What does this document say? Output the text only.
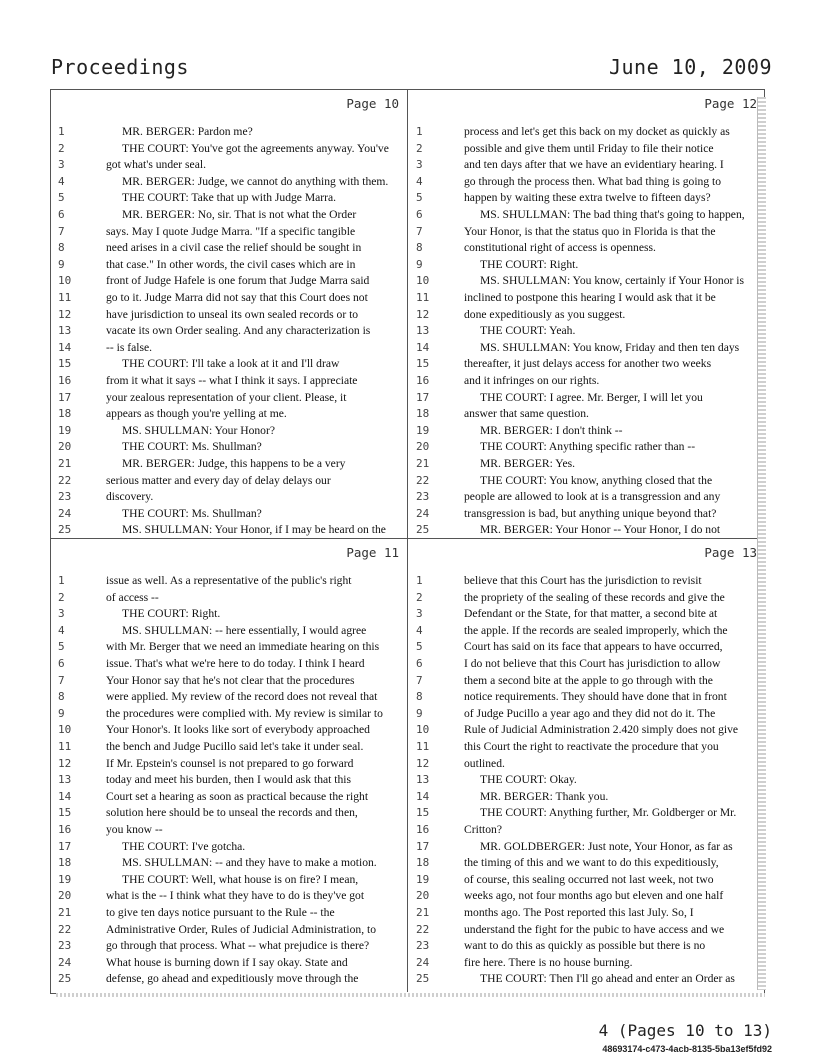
Proceedings	June 10, 2009
Page 10
1	MR. BERGER: Pardon me?
2	THE COURT: You've got the agreements anyway. You've
3	got what's under seal.
4	MR. BERGER: Judge, we cannot do anything with them.
5	THE COURT: Take that up with Judge Marra.
6	MR. BERGER: No, sir. That is not what the Order
7	says. May I quote Judge Marra. "If a specific tangible
8	need arises in a civil case the relief should be sought in
9	that case." In other words, the civil cases which are in
10	front of Judge Hafele is one forum that Judge Marra said
11	go to it. Judge Marra did not say that this Court does not
12	have jurisdiction to unseal its own sealed records or to
13	vacate its own Order sealing. And any characterization is
14	-- is false.
15	THE COURT: I'll take a look at it and I'll draw
16	from it what it says -- what I think it says. I appreciate
17	your zealous representation of your client. Please, it
18	appears as though you're yelling at me.
19	MS. SHULLMAN: Your Honor?
20	THE COURT: Ms. Shullman?
21	MR. BERGER: Judge, this happens to be a very
22	serious matter and every day of delay delays our
23	discovery.
24	THE COURT: Ms. Shullman?
25	MS. SHULLMAN: Your Honor, if I may be heard on the
Page 12
1	process and let's get this back on my docket as quickly as
2	possible and give them until Friday to file their notice
3	and ten days after that we have an evidentiary hearing. I
4	go through the process then. What bad thing is going to
5	happen by waiting these extra twelve to fifteen days?
6	MS. SHULLMAN: The bad thing that's going to happen,
7	Your Honor, is that the status quo in Florida is that the
8	constitutional right of access is openness.
9	THE COURT: Right.
10	MS. SHULLMAN: You know, certainly if Your Honor is
11	inclined to postpone this hearing I would ask that it be
12	done expeditiously as you suggest.
13	THE COURT: Yeah.
14	MS. SHULLMAN: You know, Friday and then ten days
15	thereafter, it just delays access for another two weeks
16	and it infringes on our rights.
17	THE COURT: I agree. Mr. Berger, I will let you
18	answer that same question.
19	MR. BERGER: I don't think --
20	THE COURT: Anything specific rather than --
21	MR. BERGER: Yes.
22	THE COURT: You know, anything closed that the
23	people are allowed to look at is a transgression and any
24	transgression is bad, but anything unique beyond that?
25	MR. BERGER: Your Honor -- Your Honor, I do not
Page 11
1	issue as well. As a representative of the public's right
2	of access --
3	THE COURT: Right.
4	MS. SHULLMAN: -- here essentially, I would agree
5	with Mr. Berger that we need an immediate hearing on this
6	issue. That's what we're here to do today. I think I heard
7	Your Honor say that he's not clear that the procedures
8	were applied. My review of the record does not reveal that
9	the procedures were complied with. My review is similar to
10	Your Honor's. It looks like sort of everybody approached
11	the bench and Judge Pucillo said let's take it under seal.
12	If Mr. Epstein's counsel is not prepared to go forward
13	today and meet his burden, then I would ask that this
14	Court set a hearing as soon as practical because the right
15	solution here should be to unseal the records and then,
16	you know --
17	THE COURT: I've gotcha.
18	MS. SHULLMAN: -- and they have to make a motion.
19	THE COURT: Well, what house is on fire? I mean,
20	what is the -- I think what they have to do is they've got
21	to give ten days notice pursuant to the Rule -- the
22	Administrative Order, Rules of Judicial Administration, to
23	go through that process. What -- what prejudice is there?
24	What house is burning down if I say okay. State and
25	defense, go ahead and expeditiously move through the
Page 13
1	believe that this Court has the jurisdiction to revisit
2	the propriety of the sealing of these records and give the
3	Defendant or the State, for that matter, a second bite at
4	the apple. If the records are sealed improperly, which the
5	Court has said on its face that appears to have occurred,
6	I do not believe that this Court has jurisdiction to allow
7	them a second bite at the apple to go through with the
8	notice requirements. They should have done that in front
9	of Judge Pucillo a year ago and they did not do it. The
10	Rule of Judicial Administration 2.420 simply does not give
11	this Court the right to reactivate the procedure that you
12	outlined.
13	THE COURT: Okay.
14	MR. BERGER: Thank you.
15	THE COURT: Anything further, Mr. Goldberger or Mr.
16	Critton?
17	MR. GOLDBERGER: Just note, Your Honor, as far as
18	the timing of this and we want to do this expeditiously,
19	of course, this sealing occurred not last week, not two
20	weeks ago, not four months ago but eleven and one half
21	months ago. The Post reported this last July. So, I
22	understand the fight for the pubic to have access and we
23	want to do this as quickly as possible but there is no
24	fire here. There is no house burning.
25	THE COURT: Then I'll go ahead and enter an Order as
4 (Pages 10 to 13)
48693174-c473-4acb-8135-5ba13ef5fd92
